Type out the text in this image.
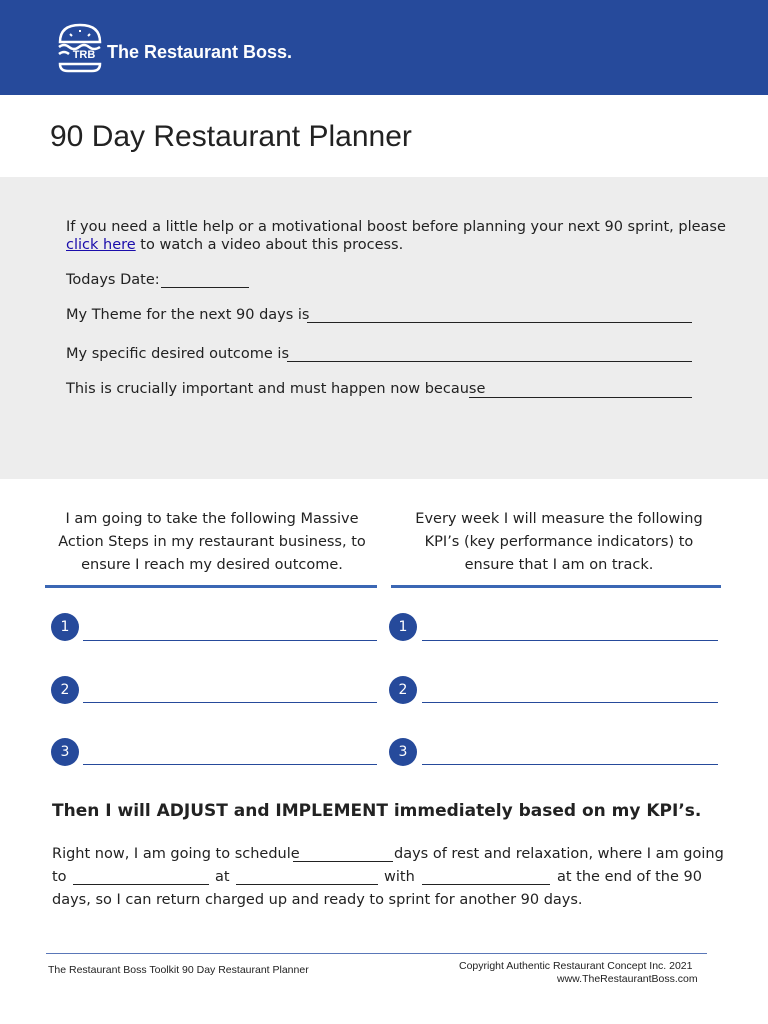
TRB The Restaurant Boss.
90 Day Restaurant Planner
If you need a little help or a motivational boost before planning your next 90 sprint, please
click here to watch a video about this process.
Todays Date:
My Theme for the next 90 days is
My specific desired outcome is
This is crucially important and must happen now because
I am going to take the following Massive Action Steps in my restaurant business, to ensure I reach my desired outcome.
Every week I will measure the following KPI’s (key performance indicators) to ensure that I am on track.
1
2
3
1
2
3
Then I will ADJUST and IMPLEMENT immediately based on my KPI’s.
Right now, I am going to schedule	days of rest and relaxation, where I am going
to	at	with	at the end of the 90
days, so I can return charged up and ready to sprint for another 90 days.
The Restaurant Boss Toolkit 90 Day Restaurant Planner	Copyright Authentic Restaurant Concept Inc. 2021
www.TheRestaurantBoss.com
